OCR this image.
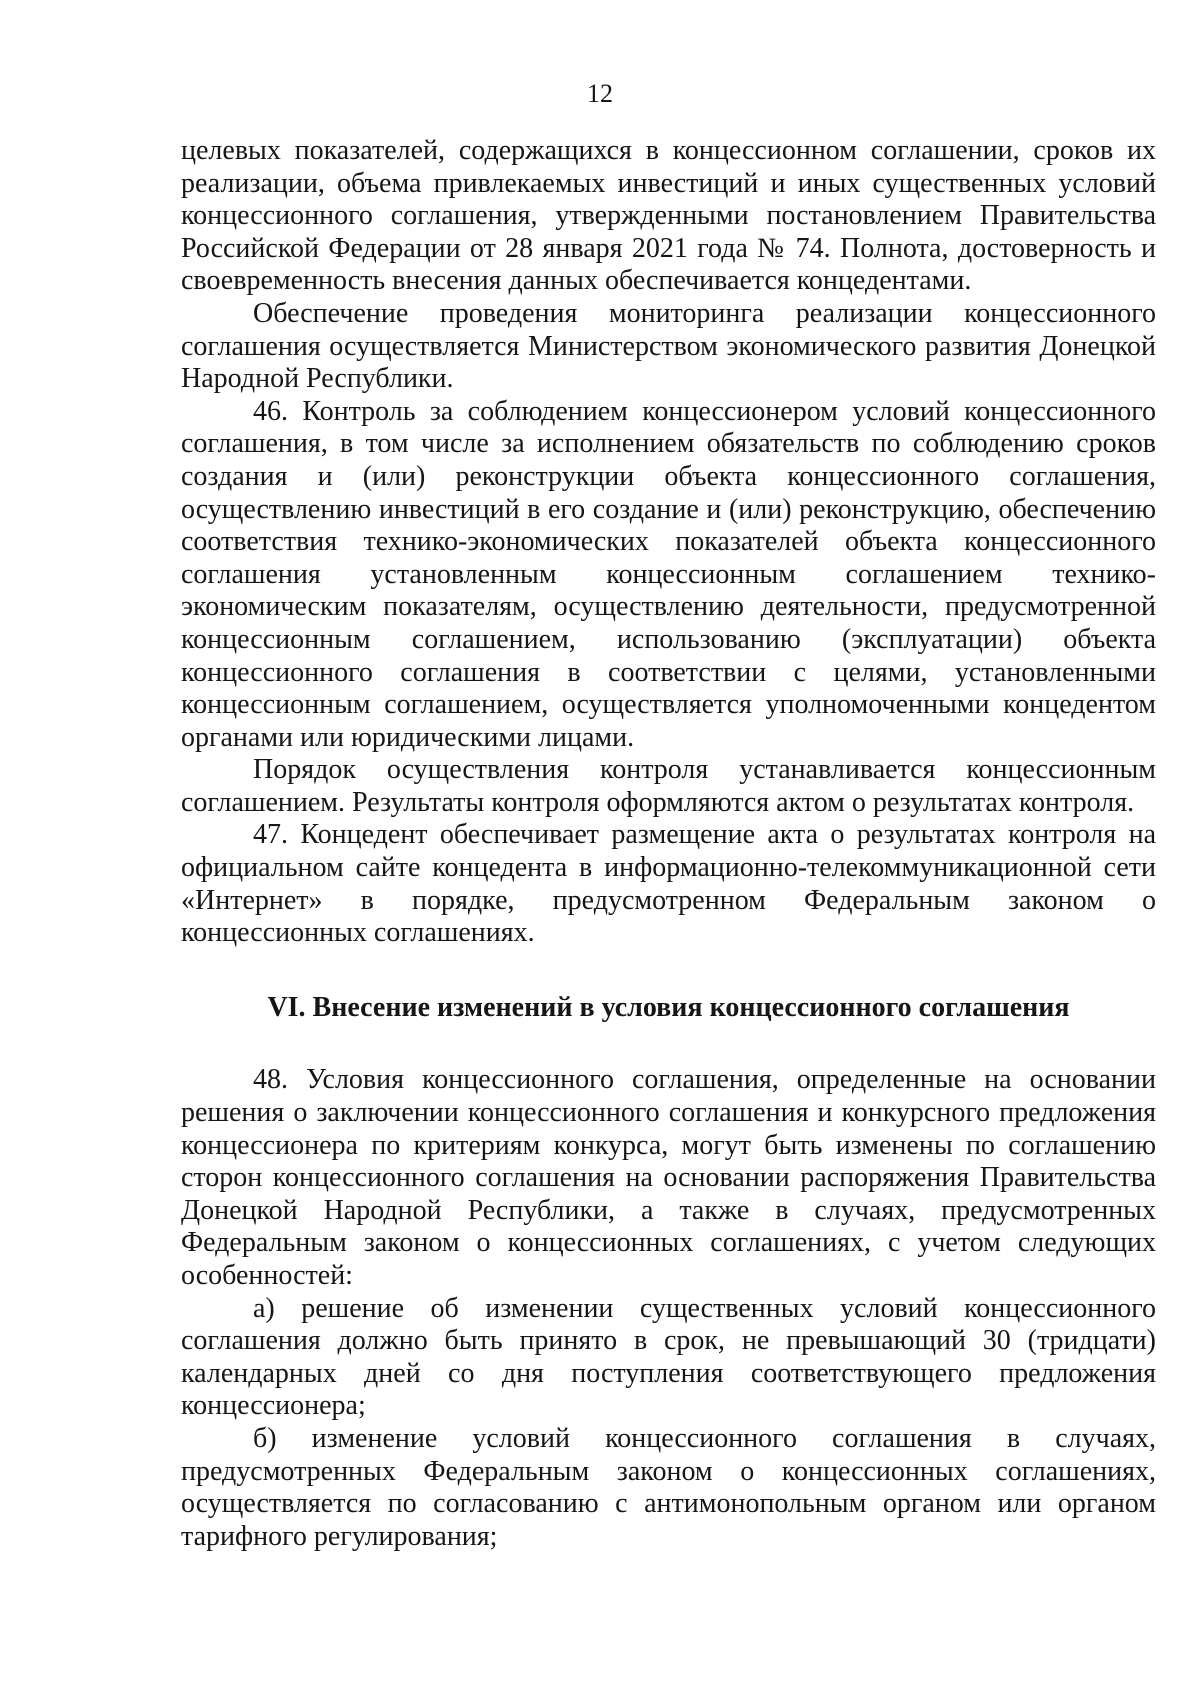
12

целевых показателей, содержащихся в концессионном соглашении, сроков их реализации, объема привлекаемых инвестиций и иных существенных условий концессионного соглашения, утвержденными постановлением Правительства Российской Федерации от 28 января 2021 года № 74. Полнота, достоверность и своевременность внесения данных обеспечивается концедентами.

Обеспечение проведения мониторинга реализации концессионного соглашения осуществляется Министерством экономического развития Донецкой Народной Республики.

46. Контроль за соблюдением концессионером условий концессионного соглашения, в том числе за исполнением обязательств по соблюдению сроков создания и (или) реконструкции объекта концессионного соглашения, осуществлению инвестиций в его создание и (или) реконструкцию, обеспечению соответствия технико-экономических показателей объекта концессионного соглашения установленным концессионным соглашением технико-экономическим показателям, осуществлению деятельности, предусмотренной концессионным соглашением, использованию (эксплуатации) объекта концессионного соглашения в соответствии с целями, установленными концессионным соглашением, осуществляется уполномоченными концедентом органами или юридическими лицами.

Порядок осуществления контроля устанавливается концессионным соглашением. Результаты контроля оформляются актом о результатах контроля.

47. Концедент обеспечивает размещение акта о результатах контроля на официальном сайте концедента в информационно-телекоммуникационной сети «Интернет» в порядке, предусмотренном Федеральным законом о концессионных соглашениях.

VI. Внесение изменений в условия концессионного соглашения

48. Условия концессионного соглашения, определенные на основании решения о заключении концессионного соглашения и конкурсного предложения концессионера по критериям конкурса, могут быть изменены по соглашению сторон концессионного соглашения на основании распоряжения Правительства Донецкой Народной Республики, а также в случаях, предусмотренных Федеральным законом о концессионных соглашениях, с учетом следующих особенностей:

а) решение об изменении существенных условий концессионного соглашения должно быть принято в срок, не превышающий 30 (тридцати) календарных дней со дня поступления соответствующего предложения концессионера;

б) изменение условий концессионного соглашения в случаях, предусмотренных Федеральным законом о концессионных соглашениях, осуществляется по согласованию с антимонопольным органом или органом тарифного регулирования;
